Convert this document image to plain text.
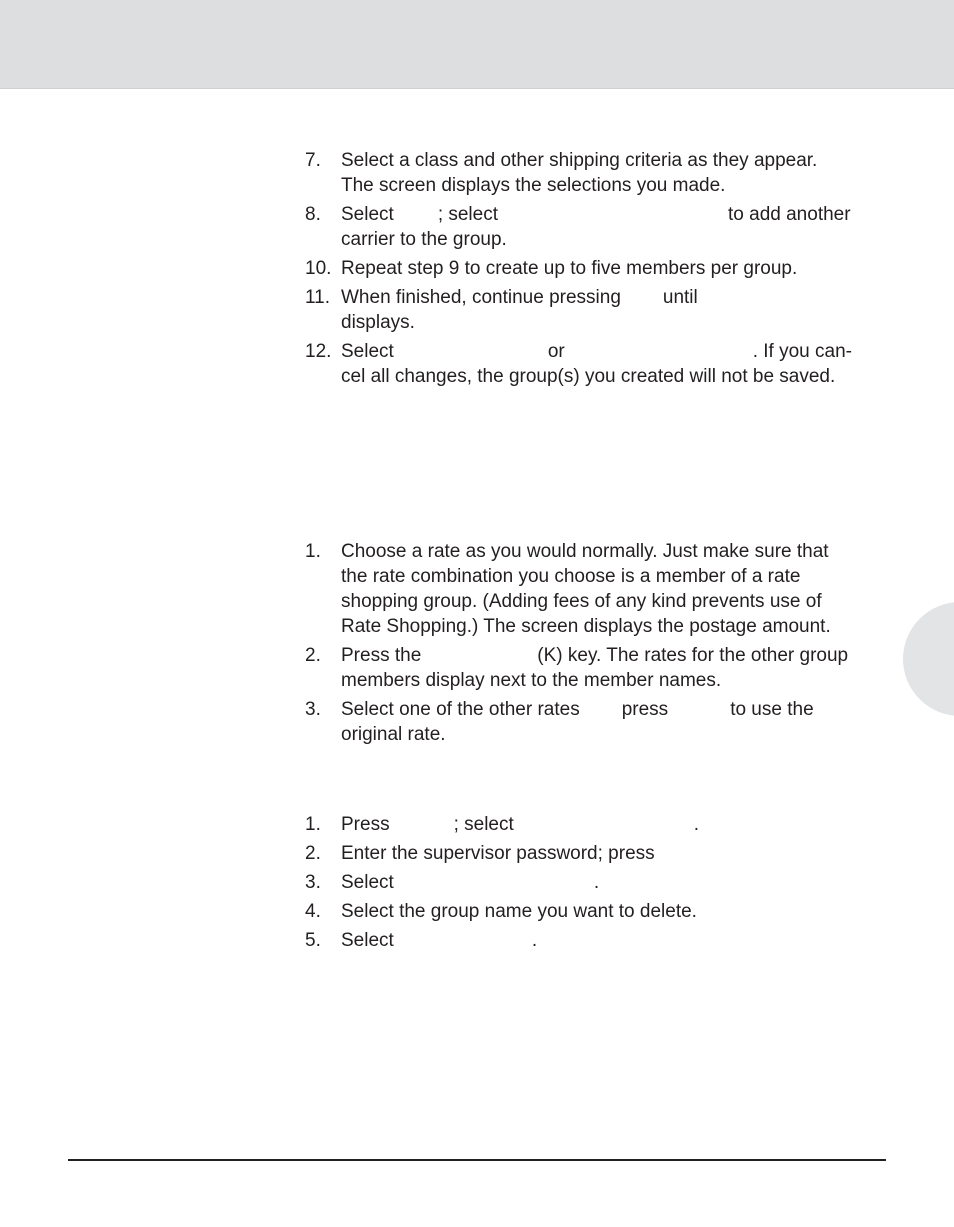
7. Select a class and other shipping criteria as they appear.
The screen displays the selections you made.
8. Select ; select	to add another
carrier to the group.
10. Repeat step 9 to create up to five members per group.
11. When finished, continue pressing until
displays.
12. Select	or	. If you can-
cel all changes, the group(s) you created will not be saved.
1. Choose a rate as you would normally. Just make sure that
the rate combination you choose is a member of a rate
shopping group. (Adding fees of any kind prevents use of
Rate Shopping.) The screen displays the postage amount.
2. Press the	(K) key. The rates for the other group
members display next to the member names.
3. Select one of the other rates press	to use the
original rate.
1. Press	; select	.
2. Enter the supervisor password; press
3. Select	.
4. Select the group name you want to delete.
5. Select	.
